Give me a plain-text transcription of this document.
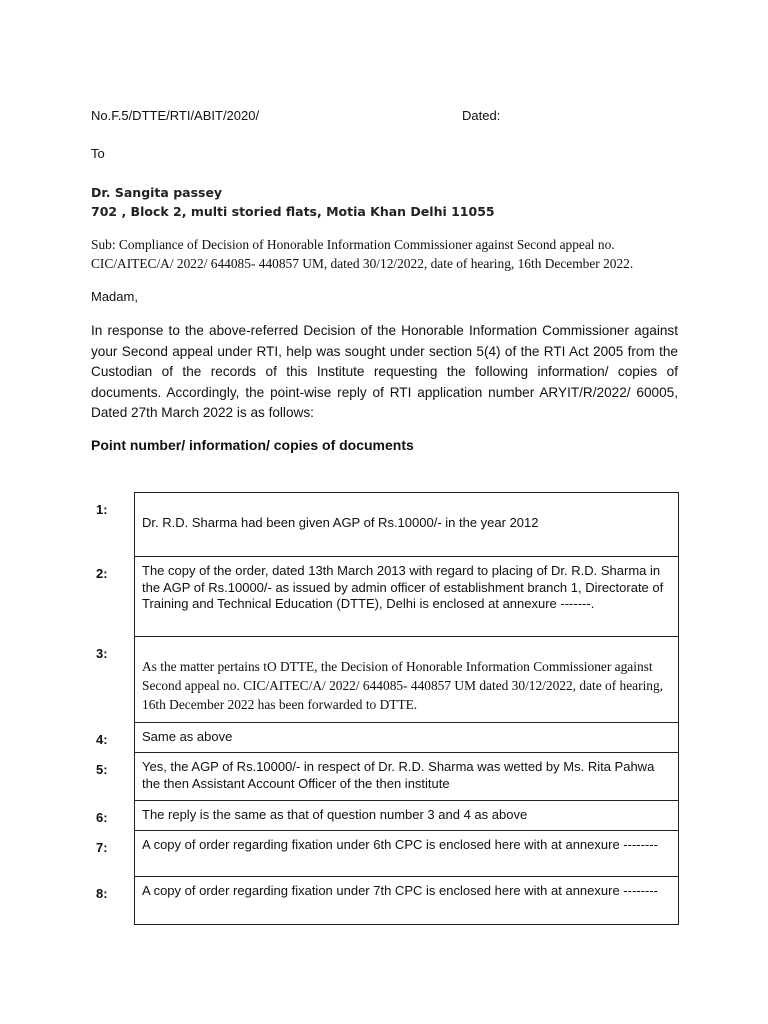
No.F.5/DTTE/RTI/ABIT/2020/	Dated:

To

Dr. Sangita passey
702 , Block 2, multi storied flats, Motia Khan Delhi 11055

Sub: Compliance of Decision of Honorable Information Commissioner against Second appeal no. CIC/AITEC/A/ 2022/ 644085- 440857 UM, dated 30/12/2022, date of hearing, 16th December 2022.

Madam,

In response to the above-referred Decision of the Honorable Information Commissioner against your Second appeal under RTI, help was sought under section 5(4) of the RTI Act 2005 from the Custodian of the records of this Institute requesting the following information/ copies of documents. Accordingly, the point-wise reply of RTI application number ARYIT/R/2022/ 60005, Dated 27th March 2022 is as follows:

Point number/ information/ copies of documents

1:	Dr. R.D. Sharma had been given AGP of Rs.10000/- in the year 2012
2:	The copy of the order, dated 13th March 2013 with regard to placing of Dr. R.D. Sharma in the AGP of Rs.10000/- as issued by admin officer of establishment branch 1, Directorate of Training and Technical Education (DTTE), Delhi is enclosed at annexure -------.
3:	As the matter pertains tO DTTE, the Decision of Honorable Information Commissioner against Second appeal no. CIC/AITEC/A/ 2022/ 644085- 440857 UM dated 30/12/2022, date of hearing, 16th December 2022 has been forwarded to DTTE.
4:	Same as above
5:	Yes, the AGP of Rs.10000/- in respect of Dr. R.D. Sharma was wetted by Ms. Rita Pahwa the then Assistant Account Officer of the then institute
6:	The reply is the same as that of question number 3 and 4 as above
7:	A copy of order regarding fixation under 6th CPC is enclosed here with at annexure --------
8:	A copy of order regarding fixation under 7th CPC is enclosed here with at annexure --------
